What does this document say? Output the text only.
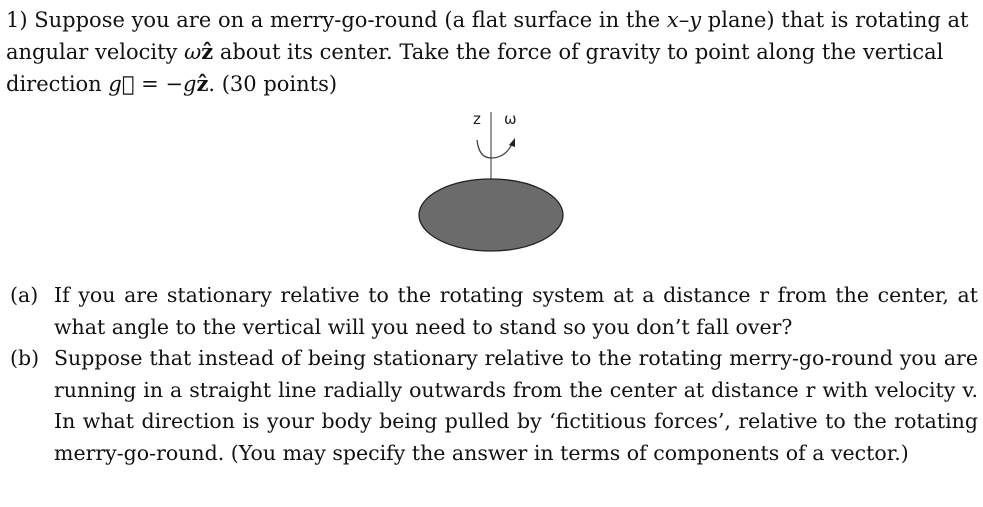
1) Suppose you are on a merry-go-round (a flat surface in the x–y plane) that is rotating at
angular velocity ωẑ about its center. Take the force of gravity to point along the vertical
direction g⃗ = −gẑ. (30 points)
z ω
(a) If you are stationary relative to the rotating system at a distance r from the center, at what angle to the vertical will you need to stand so you don’t fall over?
(b) Suppose that instead of being stationary relative to the rotating merry-go-round you are running in a straight line radially outwards from the center at distance r with velocity v. In what direction is your body being pulled by ‘fictitious forces’, relative to the rotating merry-go-round. (You may specify the answer in terms of components of a vector.)
